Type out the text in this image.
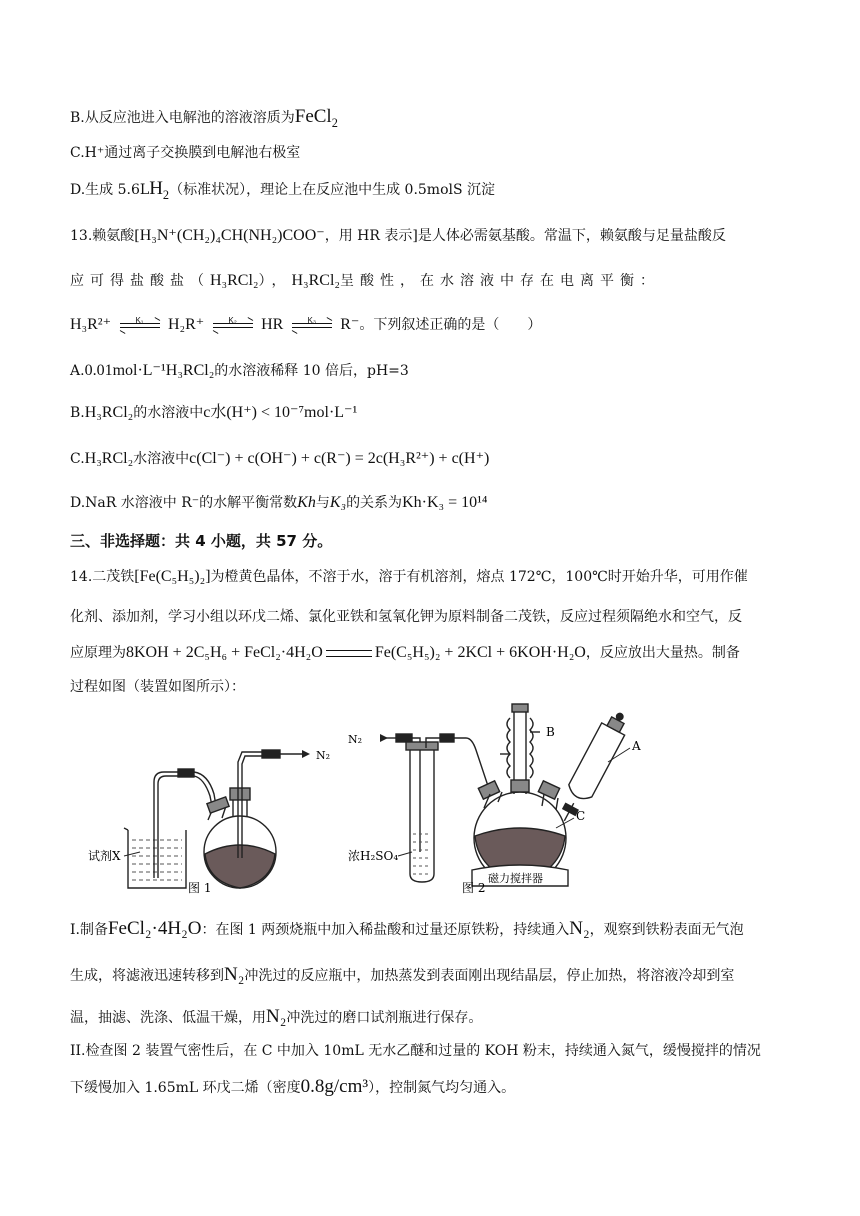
B.从反应池进入电解池的溶液溶质为FeCl$_2$
C.H⁺通过离子交换膜到电解池右极室
D.生成 $5.6LH_2$（标准状况），理论上在反应池中生成 0.5molS 沉淀
13.赖氨酸[H₃N⁺(CH₂)₄CH(NH₂)COO⁻，用 HR 表示]是人体必需氨基酸。常温下，赖氨酸与足量盐酸反
应可得盐酸盐（H₃RCl₂），H₃RCl₂呈酸性，在水溶液中存在电离平衡：
H₃R²⁺	K₁	H₂R⁺	K₂	HR	K₃	R⁻。下列叙述正确的是（　　）
A.0.01mol·L⁻¹H₃RCl₂的水溶液稀释 10 倍后，pH=3
B.H₃RCl₂的水溶液中c水(H⁺) < 10⁻⁷mol·L⁻¹
C.H₃RCl₂水溶液中c(Cl⁻) + c(OH⁻) + c(R⁻) = 2c(H₃R²⁺) + c(H⁺)
D.NaR 水溶液中 R⁻的水解平衡常数Kh与K₃的关系为Kh·K₃ = 10¹⁴
三、非选择题：共 4 小题，共 57 分。
14.二茂铁[Fe(C₅H₅)₂]为橙黄色晶体，不溶于水，溶于有机溶剂，熔点 172℃，100℃时开始升华，可用作催
化剂、添加剂，学习小组以环戊二烯、氯化亚铁和氢氧化钾为原料制备二茂铁，反应过程须隔绝水和空气，反
应原理为8KOH + 2C₅H₆ + FeCl₂·4H₂O	Fe(C₅H₅)₂ + 2KCl + 6KOH·H₂O，反应放出大量热。制备
过程如图（装置如图所示）：
N₂
试剂X
图 1
N₂
浓H₂SO₄
B
A
C
磁力搅拌器
图 2
I.制备FeCl₂·4H₂O：在图 1 两颈烧瓶中加入稀盐酸和过量还原铁粉，持续通入N₂，观察到铁粉表面无气泡
生成，将滤液迅速转移到N₂冲洗过的反应瓶中，加热蒸发到表面刚出现结晶层，停止加热，将溶液冷却到室
温，抽滤、洗涤、低温干燥，用N₂冲洗过的磨口试剂瓶进行保存。
II.检查图 2 装置气密性后，在 C 中加入 10mL 无水乙醚和过量的 KOH 粉末，持续通入氮气，缓慢搅拌的情况
下缓慢加入 1.65mL 环戊二烯（密度0.8g/cm³），控制氮气均匀通入。
